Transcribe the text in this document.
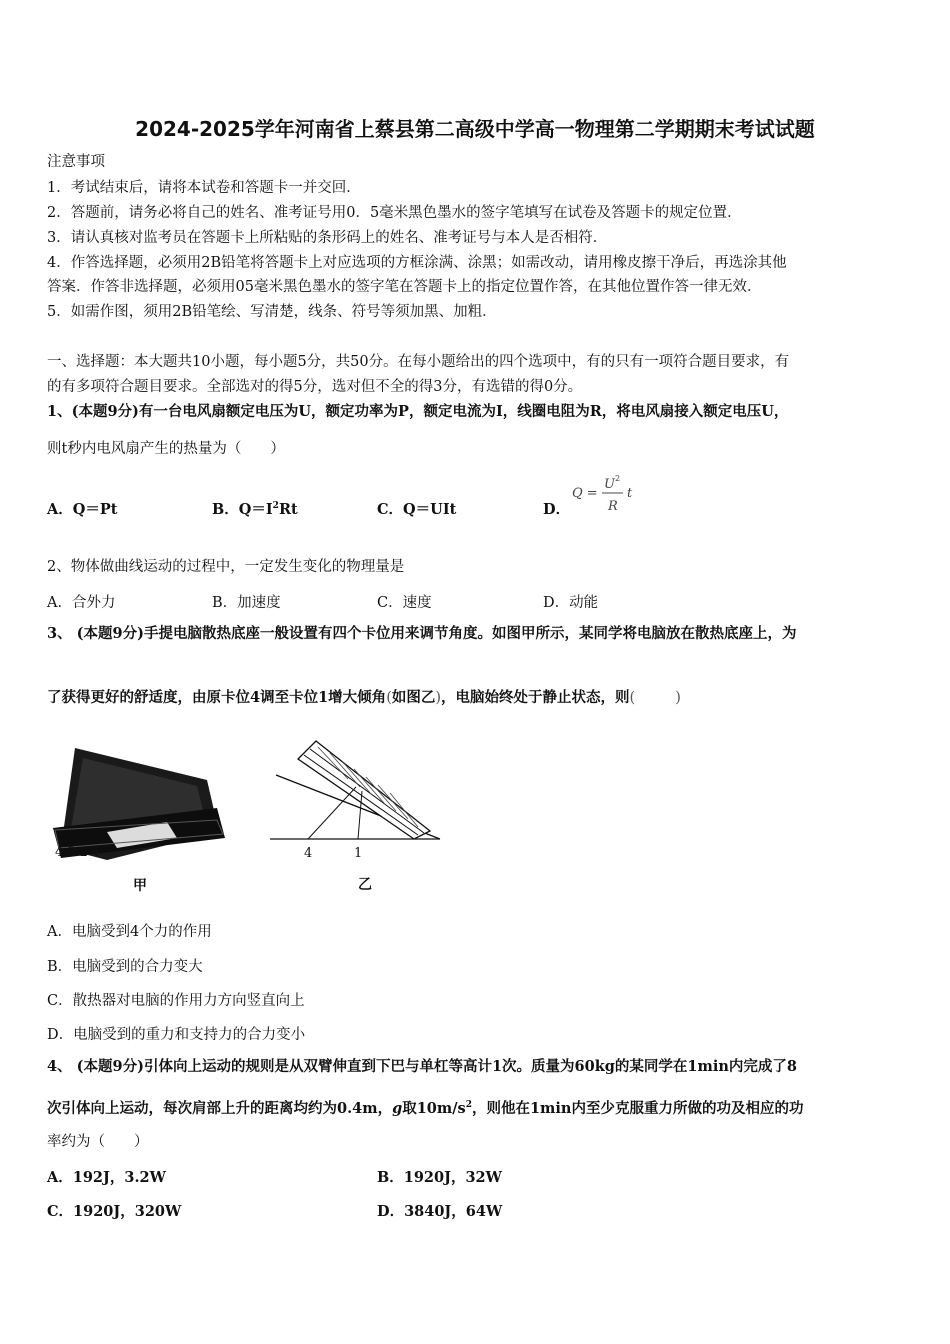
2024-2025学年河南省上蔡县第二高级中学高一物理第二学期期末考试试题
注意事项
1．考试结束后，请将本试卷和答题卡一并交回．
2．答题前，请务必将自己的姓名、准考证号用0．5毫米黑色墨水的签字笔填写在试卷及答题卡的规定位置．
3．请认真核对监考员在答题卡上所粘贴的条形码上的姓名、准考证号与本人是否相符．
4．作答选择题，必须用2B铅笔将答题卡上对应选项的方框涂满、涂黑；如需改动，请用橡皮擦干净后，再选涂其他
答案．作答非选择题，必须用05毫米黑色墨水的签字笔在答题卡上的指定位置作答，在其他位置作答一律无效．
5．如需作图，须用2B铅笔绘、写清楚，线条、符号等须加黑、加粗．
一、选择题：本大题共10小题，每小题5分，共50分。在每小题给出的四个选项中，有的只有一项符合题目要求，有
的有多项符合题目要求。全部选对的得5分，选对但不全的得3分，有选错的得0分。
1、(本题9分)有一台电风扇额定电压为U，额定功率为P，额定电流为I，线圈电阻为R，将电风扇接入额定电压U，
则t秒内电风扇产生的热量为（　　）
A．Q＝Pt	B．$Q=I^2Rt$	C．Q＝UIt	D．
Q =
U 2
R
t
2、物体做曲线运动的过程中，一定发生变化的物理量是
A．合外力	B．加速度	C．速度	D．动能
3、 (本题9分)手提电脑散热底座一般设置有四个卡位用来调节角度。如图甲所示，某同学将电脑放在散热底座上，为
了获得更好的舒适度，由原卡位4调至卡位1增大倾角(如图乙)，电脑始终处于静止状态，则(	)
4 3 2 1
甲
4	1
乙
A．电脑受到4个力的作用
B．电脑受到的合力变大
C．散热器对电脑的作用力方向竖直向上
D．电脑受到的重力和支持力的合力变小
4、 (本题9分)引体向上运动的规则是从双臂伸直到下巴与单杠等高计1次。质量为60kg的某同学在1min内完成了8
次引体向上运动，每次肩部上升的距离均约为0.4m，g取$10m/s^2$，则他在1min内至少克服重力所做的功及相应的功
率约为（　　）
A．192J，3.2W	B．1920J，32W
C．1920J，320W	D．3840J，64W
